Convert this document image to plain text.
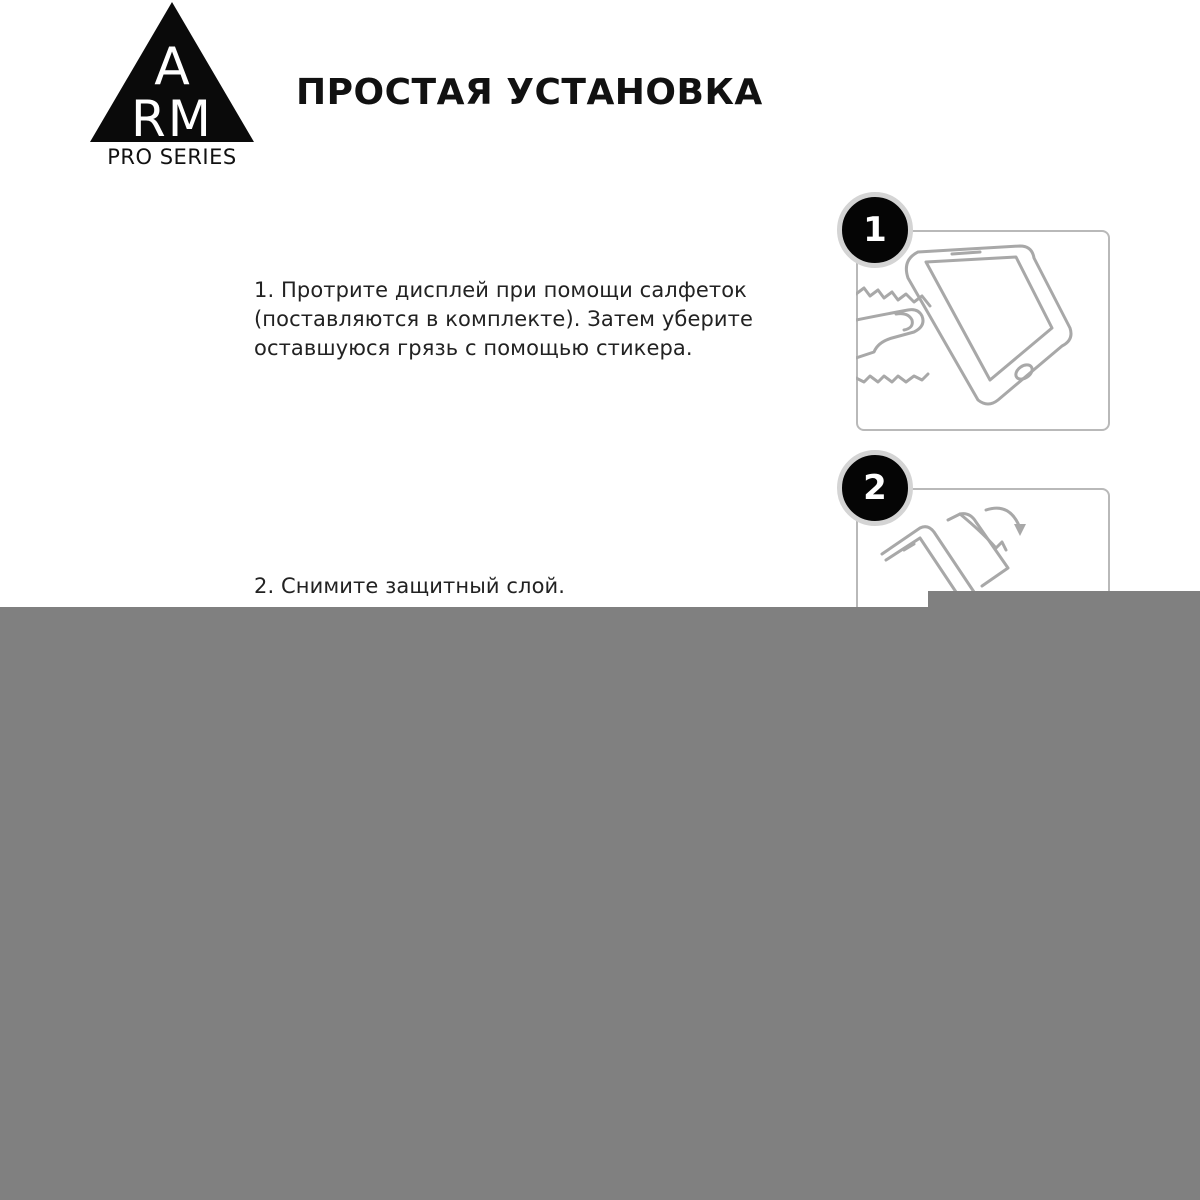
A
RM
PRO SERIES
ПРОСТАЯ УСТАНОВКА
1. Протрите дисплей при помощи салфеток
(поставляются в комплекте). Затем уберите
оставшуюся грязь с помощью стикера.
1
2. Снимите защитный слой.
2
